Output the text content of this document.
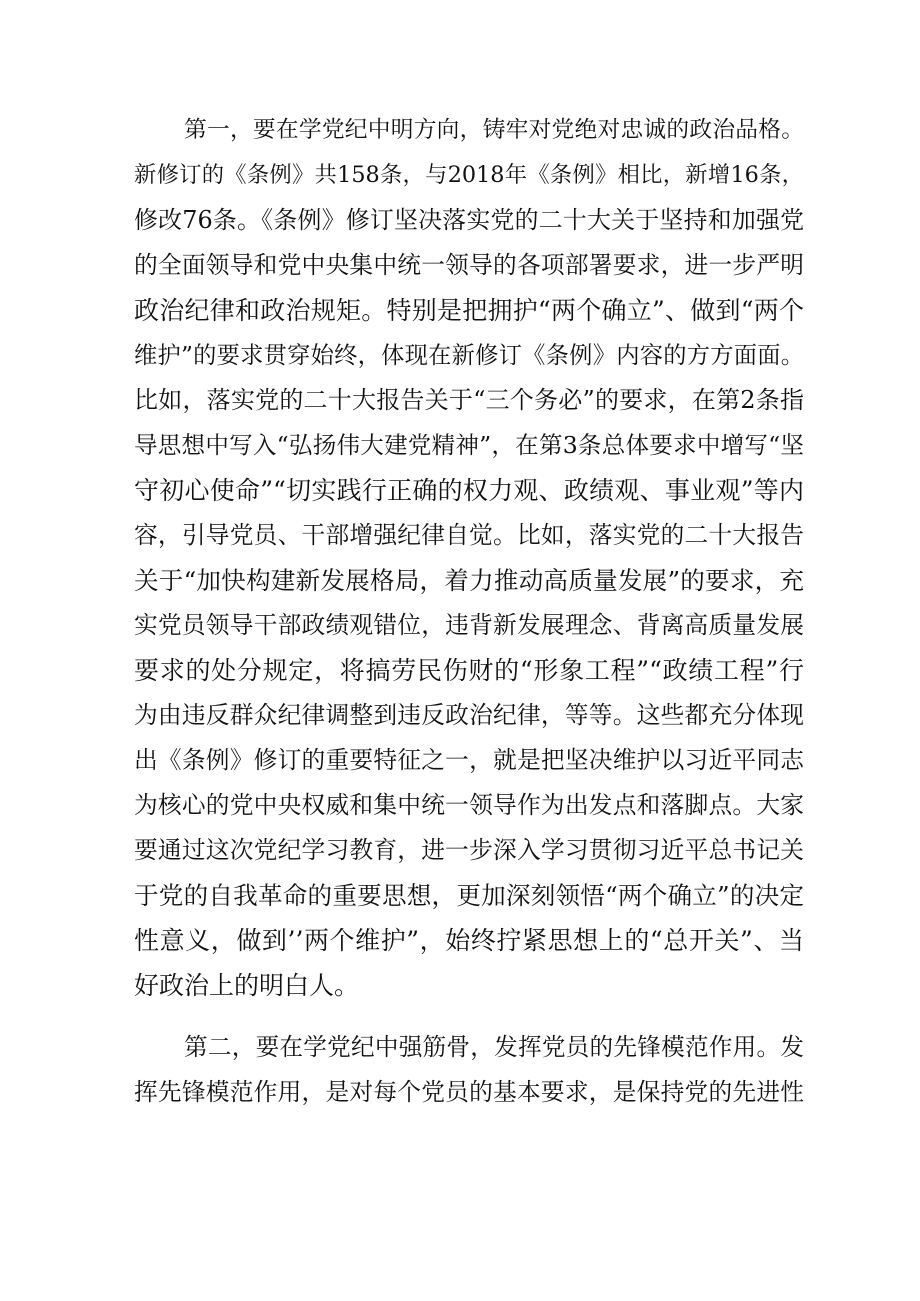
第一，要在学党纪中明方向，铸牢对党绝对忠诚的政治品格。
新修订的《条例》共158条，与2018年《条例》相比，新增16条，
修改76条。《条例》修订坚决落实党的二十大关于坚持和加强党
的全面领导和党中央集中统一领导的各项部署要求，进一步严明
政治纪律和政治规矩。特别是把拥护“两个确立”、做到“两个
维护”的要求贯穿始终，体现在新修订《条例》内容的方方面面。
比如，落实党的二十大报告关于“三个务必”的要求，在第2条指
导思想中写入“弘扬伟大建党精神”，在第3条总体要求中增写“坚
守初心使命”“切实践行正确的权力观、政绩观、事业观”等内
容，引导党员、干部增强纪律自觉。比如，落实党的二十大报告
关于“加快构建新发展格局，着力推动高质量发展”的要求，充
实党员领导干部政绩观错位，违背新发展理念、背离高质量发展
要求的处分规定，将搞劳民伤财的“形象工程”“政绩工程”行
为由违反群众纪律调整到违反政治纪律，等等。这些都充分体现
出《条例》修订的重要特征之一，就是把坚决维护以习近平同志
为核心的党中央权威和集中统一领导作为出发点和落脚点。大家
要通过这次党纪学习教育，进一步深入学习贯彻习近平总书记关
于党的自我革命的重要思想，更加深刻领悟“两个确立”的决定
性意义，做到’’两个维护”，始终拧紧思想上的“总开关”、当
好政治上的明白人。
第二，要在学党纪中强筋骨，发挥党员的先锋模范作用。发
挥先锋模范作用，是对每个党员的基本要求，是保持党的先进性
